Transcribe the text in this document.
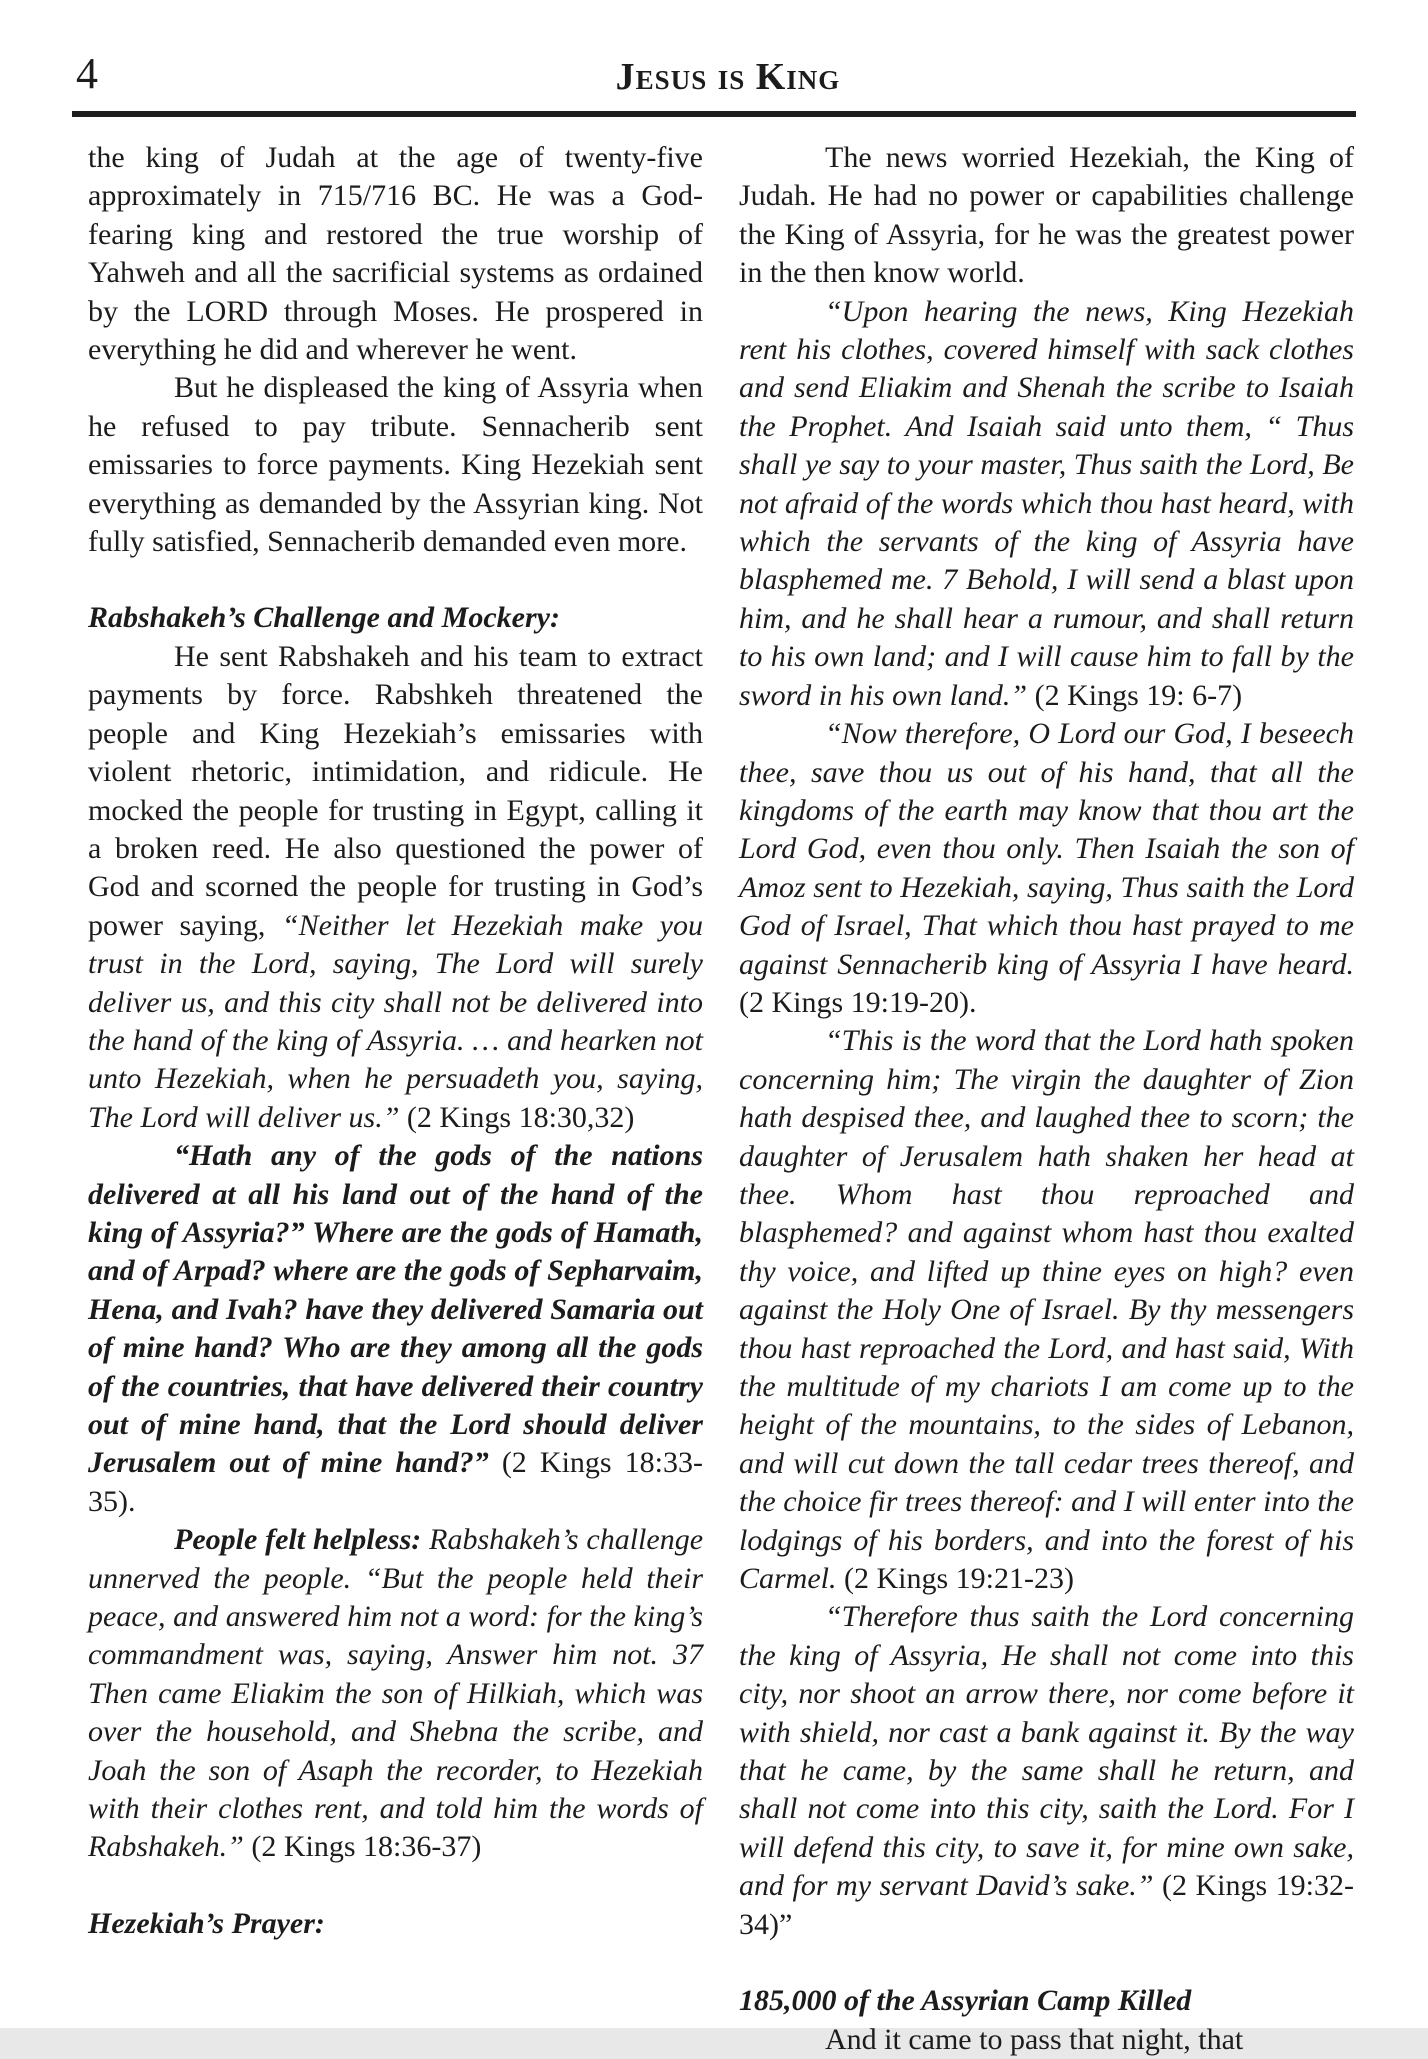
4	Jesus is King

the king of Judah at the age of twenty-five approximately in 715/716 BC. He was a God-fearing king and restored the true worship of Yahweh and all the sacrificial systems as ordained by the LORD through Moses. He prospered in everything he did and wherever he went.

But he displeased the king of Assyria when he refused to pay tribute. Sennacherib sent emissaries to force payments. King Hezekiah sent everything as demanded by the Assyrian king. Not fully satisfied, Sennacherib demanded even more.

Rabshakeh’s Challenge and Mockery:

He sent Rabshakeh and his team to extract payments by force. Rabshkeh threatened the people and King Hezekiah’s emissaries with violent rhetoric, intimidation, and ridicule. He mocked the people for trusting in Egypt, calling it a broken reed. He also questioned the power of God and scorned the people for trusting in God’s power saying, “Neither let Hezekiah make you trust in the Lord, saying, The Lord will surely deliver us, and this city shall not be delivered into the hand of the king of Assyria. … and hearken not unto Hezekiah, when he persuadeth you, saying, The Lord will deliver us.” (2 Kings 18:30,32)

“Hath any of the gods of the nations delivered at all his land out of the hand of the king of Assyria?” Where are the gods of Hamath, and of Arpad? where are the gods of Sepharvaim, Hena, and Ivah? have they delivered Samaria out of mine hand? Who are they among all the gods of the countries, that have delivered their country out of mine hand, that the Lord should deliver Jerusalem out of mine hand?” (2 Kings 18:33-35).

People felt helpless: Rabshakeh’s challenge unnerved the people. “But the people held their peace, and answered him not a word: for the king’s commandment was, saying, Answer him not. 37 Then came Eliakim the son of Hilkiah, which was over the household, and Shebna the scribe, and Joah the son of Asaph the recorder, to Hezekiah with their clothes rent, and told him the words of Rabshakeh.” (2 Kings 18:36-37)

Hezekiah’s Prayer:

The news worried Hezekiah, the King of Judah. He had no power or capabilities challenge the King of Assyria, for he was the greatest power in the then know world.

“Upon hearing the news, King Hezekiah rent his clothes, covered himself with sack clothes and send Eliakim and Shenah the scribe to Isaiah the Prophet. And Isaiah said unto them, “ Thus shall ye say to your master, Thus saith the Lord, Be not afraid of the words which thou hast heard, with which the servants of the king of Assyria have blasphemed me. 7 Behold, I will send a blast upon him, and he shall hear a rumour, and shall return to his own land; and I will cause him to fall by the sword in his own land.” (2 Kings 19: 6-7)

“Now therefore, O Lord our God, I beseech thee, save thou us out of his hand, that all the kingdoms of the earth may know that thou art the Lord God, even thou only. Then Isaiah the son of Amoz sent to Hezekiah, saying, Thus saith the Lord God of Israel, That which thou hast prayed to me against Sennacherib king of Assyria I have heard. (2 Kings 19:19-20).

“This is the word that the Lord hath spoken concerning him; The virgin the daughter of Zion hath despised thee, and laughed thee to scorn; the daughter of Jerusalem hath shaken her head at thee. Whom hast thou reproached and blasphemed? and against whom hast thou exalted thy voice, and lifted up thine eyes on high? even against the Holy One of Israel. By thy messengers thou hast reproached the Lord, and hast said, With the multitude of my chariots I am come up to the height of the mountains, to the sides of Lebanon, and will cut down the tall cedar trees thereof, and the choice fir trees thereof: and I will enter into the lodgings of his borders, and into the forest of his Carmel. (2 Kings 19:21-23)

“Therefore thus saith the Lord concerning the king of Assyria, He shall not come into this city, nor shoot an arrow there, nor come before it with shield, nor cast a bank against it. By the way that he came, by the same shall he return, and shall not come into this city, saith the Lord. For I will defend this city, to save it, for mine own sake, and for my servant David’s sake.” (2 Kings 19:32-34)”

185,000 of the Assyrian Camp Killed

And it came to pass that night, that
